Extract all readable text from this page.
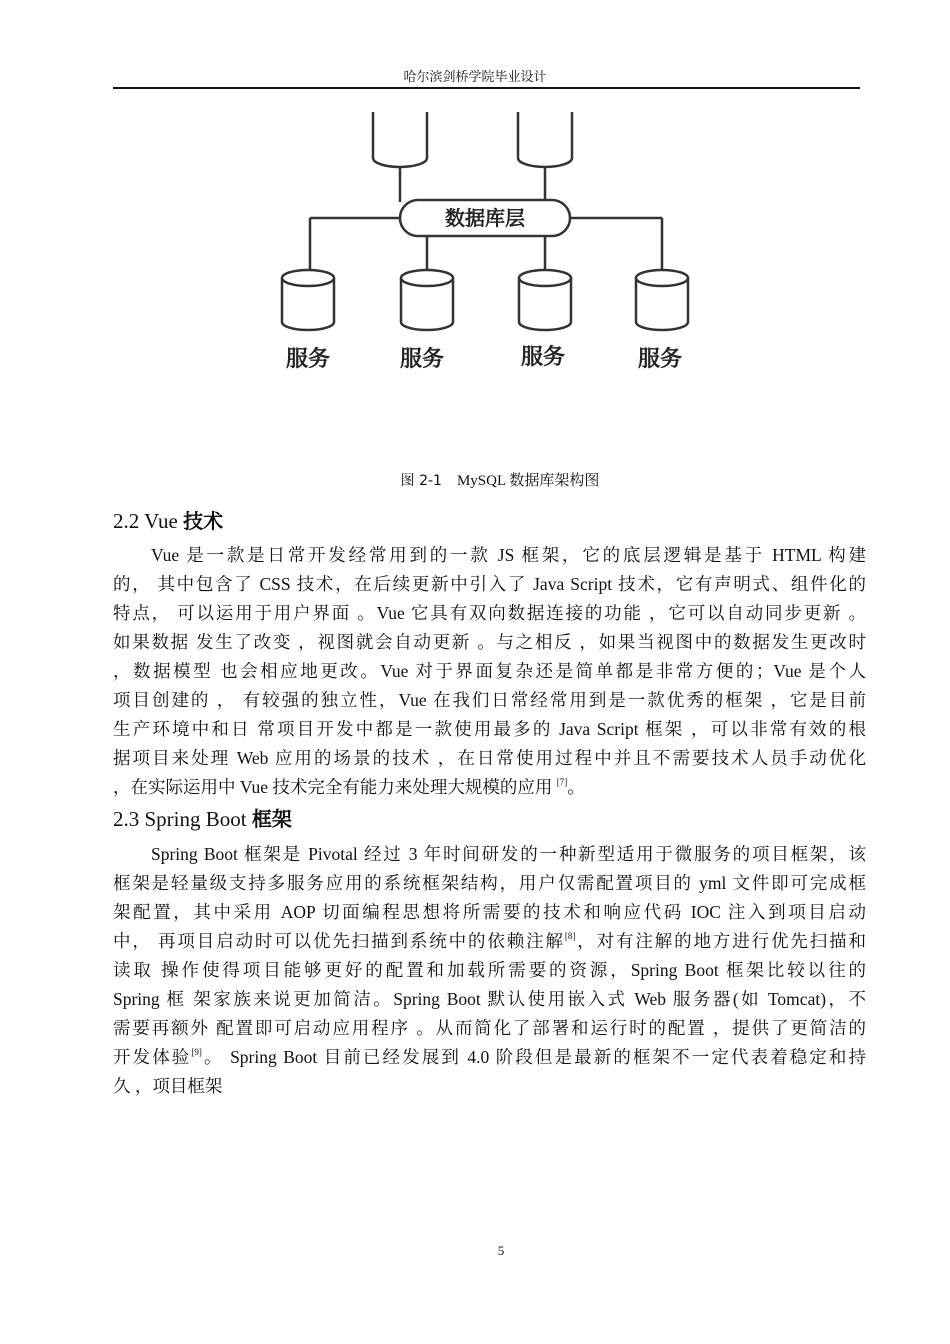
哈尔滨剑桥学院毕业设计
数据库层
服务	服务	服务	服务
图 2-1 MySQL 数据库架构图
2.2 Vue 技术
Vue 是一款是日常开发经常用到的一款 JS 框架，它的底层逻辑是基于 HTML 构建
的， 其中包含了 CSS 技术，在后续更新中引入了 Java Script 技术，它有声明式、组件化的
特点， 可以运用于用户界面 。Vue 它具有双向数据连接的功能 ，它可以自动同步更新 。
如果数据 发生了改变 ，视图就会自动更新 。与之相反 ，如果当视图中的数据发生更改时
，数据模型 也会相应地更改。Vue 对于界面复杂还是简单都是非常方便的；Vue 是个人
项目创建的 ， 有较强的独立性，Vue 在我们日常经常用到是一款优秀的框架 ，它是目前
生产环境中和日 常项目开发中都是一款使用最多的 Java Script 框架 ，可以非常有效的根
据项目来处理 Web 应用的场景的技术 ，在日常使用过程中并且不需要技术人员手动优化
，在实际运用中 Vue 技术完全有能力来处理大规模的应用 [7]。
2.3 Spring Boot 框架
Spring Boot 框架是 Pivotal 经过 3 年时间研发的一种新型适用于微服务的项目框架，该
框架是轻量级支持多服务应用的系统框架结构，用户仅需配置项目的 yml 文件即可完成框
架配置，其中采用 AOP 切面编程思想将所需要的技术和响应代码 IOC 注入到项目启动
中， 再项目启动时可以优先扫描到系统中的依赖注解[8]，对有注解的地方进行优先扫描和
读取 操作使得项目能够更好的配置和加载所需要的资源，Spring Boot 框架比较以往的
Spring 框 架家族来说更加简洁。Spring Boot 默认使用嵌入式 Web 服务器(如 Tomcat)，不
需要再额外 配置即可启动应用程序 。从而简化了部署和运行时的配置 ，提供了更简洁的
开发体验[9]。 Spring Boot 目前已经发展到 4.0 阶段但是最新的框架不一定代表着稳定和持
久 ，项目框架
5
